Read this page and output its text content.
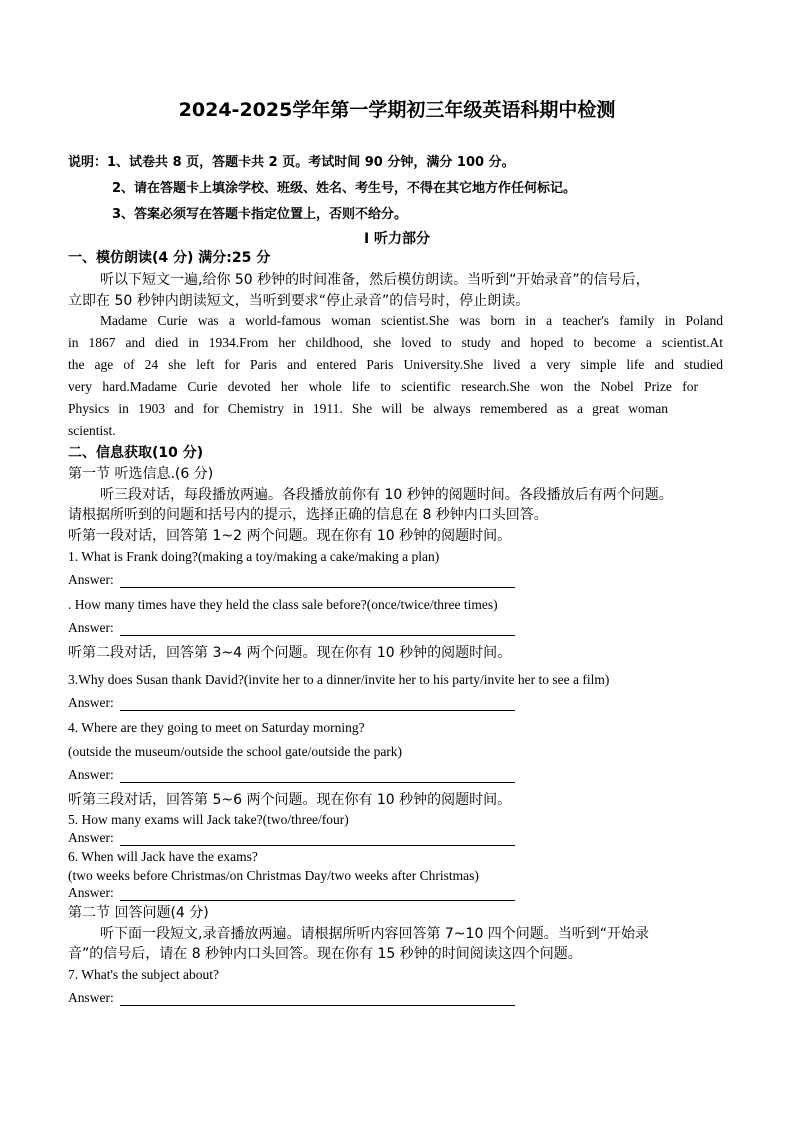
2024-2025学年第一学期初三年级英语科期中检测
说明：1、试卷共 8 页，答题卡共 2 页。考试时间 90 分钟，满分 100 分。
2、请在答题卡上填涂学校、班级、姓名、考生号，不得在其它地方作任何标记。
3、答案必须写在答题卡指定位置上，否则不给分。
I 听力部分
一、模仿朗读(4 分) 满分:25 分
听以下短文一遍,给你 50 秒钟的时间准备，然后模仿朗读。当听到“开始录音”的信号后，
立即在 50 秒钟内朗读短文，当听到要求“停止录音”的信号时，停止朗读。
Madame Curie was a world-famous woman scientist.She was born in a teacher's family in Poland
in 1867 and died in 1934.From her childhood, she loved to study and hoped to become a scientist.At
the age of 24 she left for Paris and entered Paris University.She lived a very simple life and studied
very hard.Madame Curie devoted her whole life to scientific research.She won the Nobel Prize for
Physics in 1903 and for Chemistry in 1911. She will be always remembered as a great woman
scientist.
二、信息获取(10 分)
第一节 听选信息.(6 分)
听三段对话，每段播放两遍。各段播放前你有 10 秒钟的阅题时间。各段播放后有两个问题。
请根据所听到的问题和括号内的提示，选择正确的信息在 8 秒钟内口头回答。
听第一段对话，回答第 1~2 两个问题。现在你有 10 秒钟的阅题时间。
1. What is Frank doing?(making a toy/making a cake/making a plan)
Answer:
. How many times have they held the class sale before?(once/twice/three times)
Answer:
听第二段对话，回答第 3~4 两个问题。现在你有 10 秒钟的阅题时间。
3.Why does Susan thank David?(invite her to a dinner/invite her to his party/invite her to see a film)
Answer:
4. Where are they going to meet on Saturday morning?
(outside the museum/outside the school gate/outside the park)
Answer:
听第三段对话，回答第 5~6 两个问题。现在你有 10 秒钟的阅题时间。
5. How many exams will Jack take?(two/three/four)
Answer:
6. When will Jack have the exams?
(two weeks before Christmas/on Christmas Day/two weeks after Christmas)
Answer:
第二节 回答问题(4 分)
听下面一段短文,录音播放两遍。请根据所听内容回答第 7~10 四个问题。当听到“开始录
音”的信号后，请在 8 秒钟内口头回答。现在你有 15 秒钟的时间阅读这四个问题。
7. What's the subject about?
Answer:
